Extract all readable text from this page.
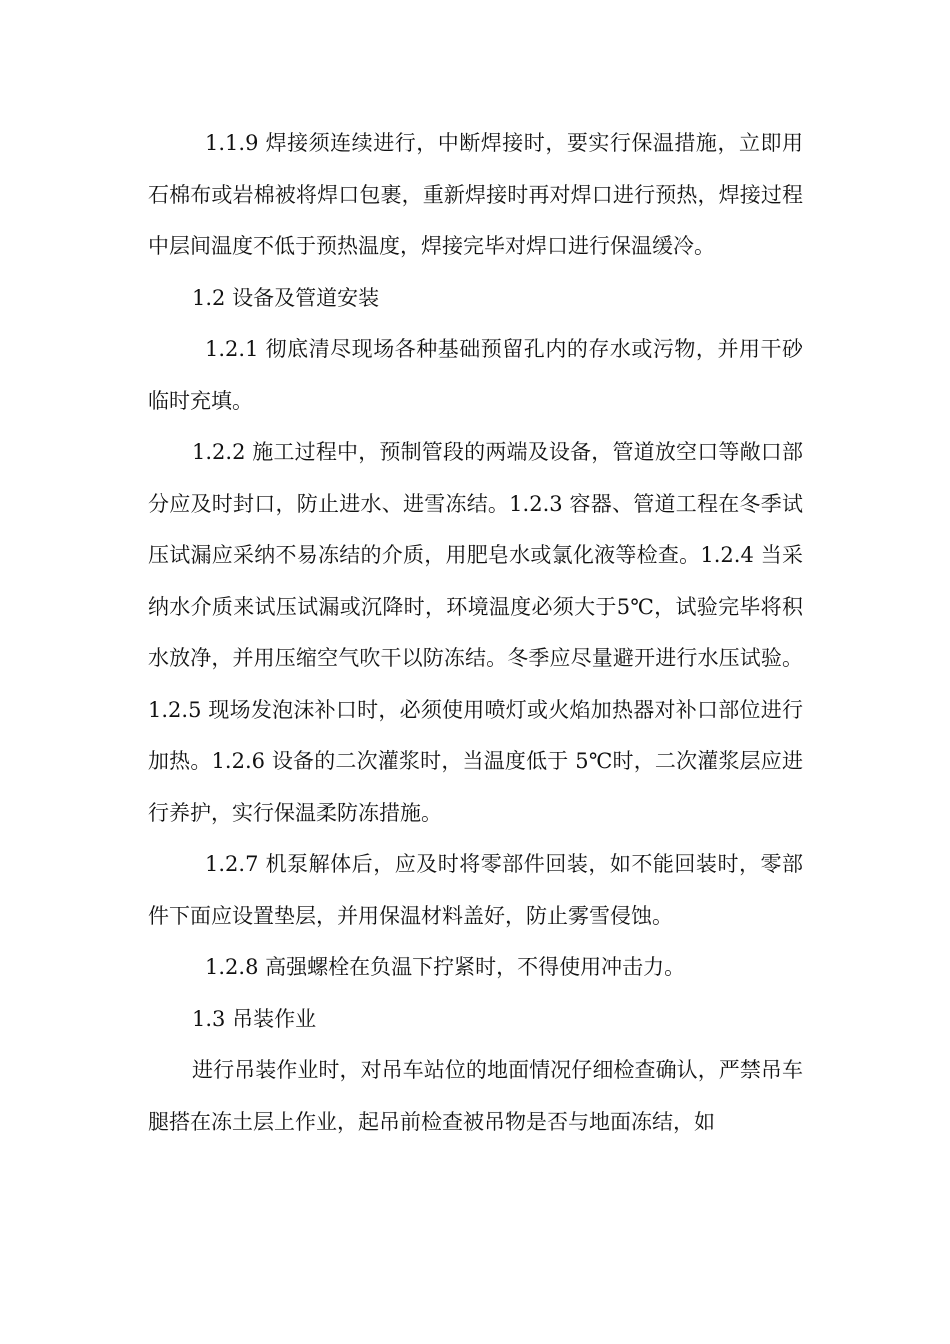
1.1.9 焊接须连续进行，中断焊接时，要实行保温措施，立即用石棉布或岩棉被将焊口包裹，重新焊接时再对焊口进行预热，焊接过程中层间温度不低于预热温度，焊接完毕对焊口进行保温缓冷。

1.2 设备及管道安装

1.2.1 彻底清尽现场各种基础预留孔内的存水或污物，并用干砂临时充填。

1.2.2 施工过程中，预制管段的两端及设备，管道放空口等敞口部分应及时封口，防止进水、进雪冻结。1.2.3 容器、管道工程在冬季试压试漏应采纳不易冻结的介质，用肥皂水或氯化液等检查。1.2.4 当采纳水介质来试压试漏或沉降时，环境温度必须大于5℃，试验完毕将积水放净，并用压缩空气吹干以防冻结。冬季应尽量避开进行水压试验。1.2.5 现场发泡沫补口时，必须使用喷灯或火焰加热器对补口部位进行加热。1.2.6 设备的二次灌浆时，当温度低于 5℃时，二次灌浆层应进行养护，实行保温柔防冻措施。

1.2.7 机泵解体后，应及时将零部件回装，如不能回装时，零部件下面应设置垫层，并用保温材料盖好，防止雾雪侵蚀。

1.2.8 高强螺栓在负温下拧紧时，不得使用冲击力。

1.3 吊装作业

进行吊装作业时，对吊车站位的地面情况仔细检查确认，严禁吊车腿搭在冻土层上作业，起吊前检查被吊物是否与地面冻结，如
